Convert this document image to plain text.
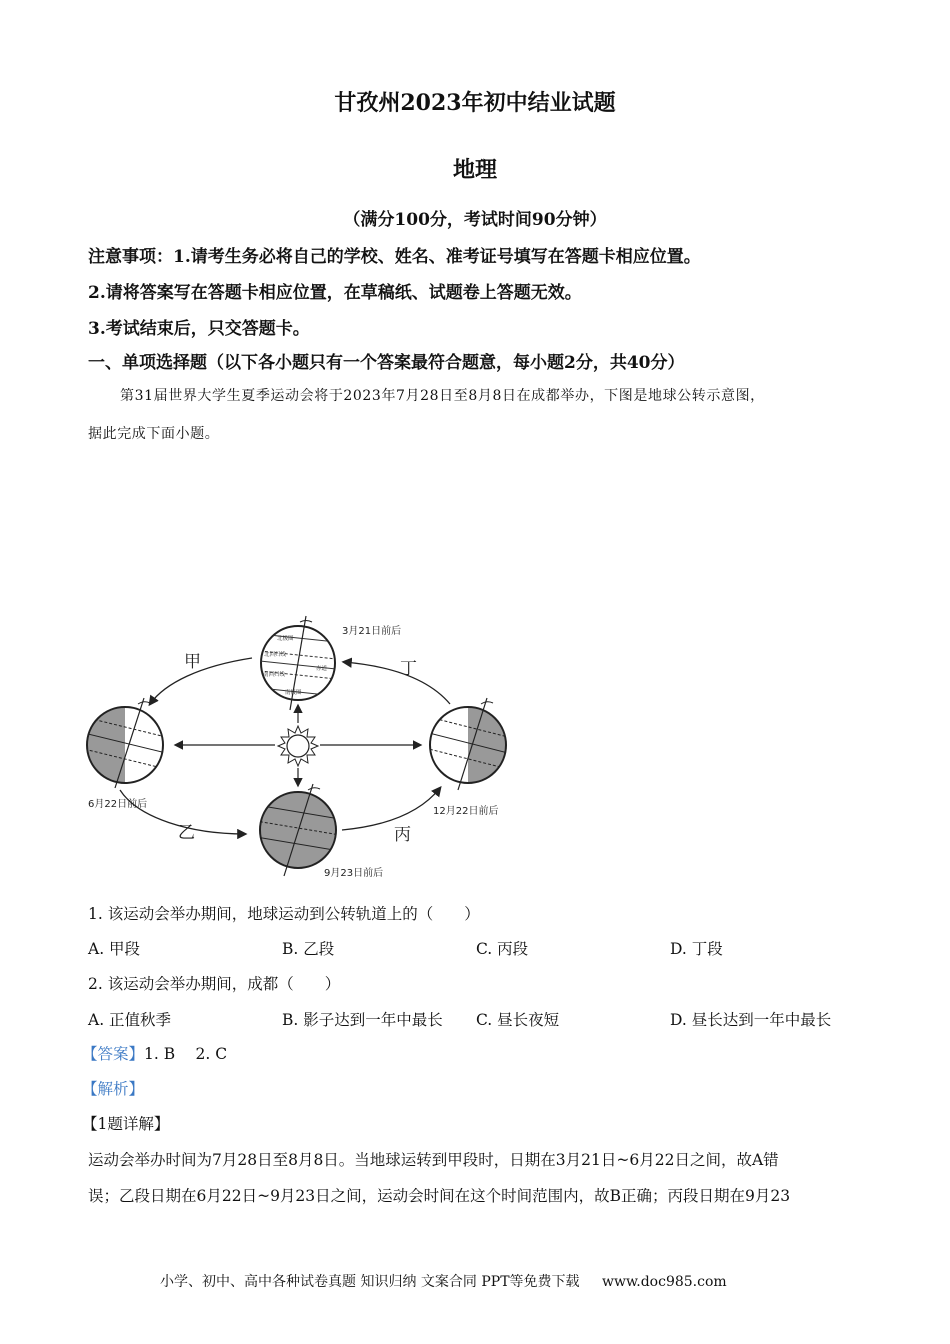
甘孜州2023年初中结业试题
地理
（满分100分，考试时间90分钟）
注意事项：1.请考生务必将自己的学校、姓名、准考证号填写在答题卡相应位置。
2.请将答案写在答题卡相应位置，在草稿纸、试题卷上答题无效。
3.考试结束后，只交答题卡。
一、单项选择题（以下各小题只有一个答案最符合题意，每小题2分，共40分）
第31届世界大学生夏季运动会将于2023年7月28日至8月8日在成都举办，下图是地球公转示意图，
据此完成下面小题。
北极圈
北回归线
赤道
南回归线
南极圈
3月21日前后
6月22日前后
12月22日前后
9月23日前后
甲
乙	丙
丁
1. 该运动会举办期间，地球运动到公转轨道上的（　　）
A. 甲段	B. 乙段	C. 丙段	D. 丁段
2. 该运动会举办期间，成都（　　）
A. 正值秋季	B. 影子达到一年中最长 C. 昼长夜短	D. 昼长达到一年中最长
【答案】1. B　 2. C
【解析】
【1题详解】
运动会举办时间为7月28日至8月8日。当地球运转到甲段时，日期在3月21日~6月22日之间，故A错
误；乙段日期在6月22日~9月23日之间，运动会时间在这个时间范围内，故B正确；丙段日期在9月23
小学、初中、高中各种试卷真题 知识归纳 文案合同 PPT等免费下载 www.doc985.com
